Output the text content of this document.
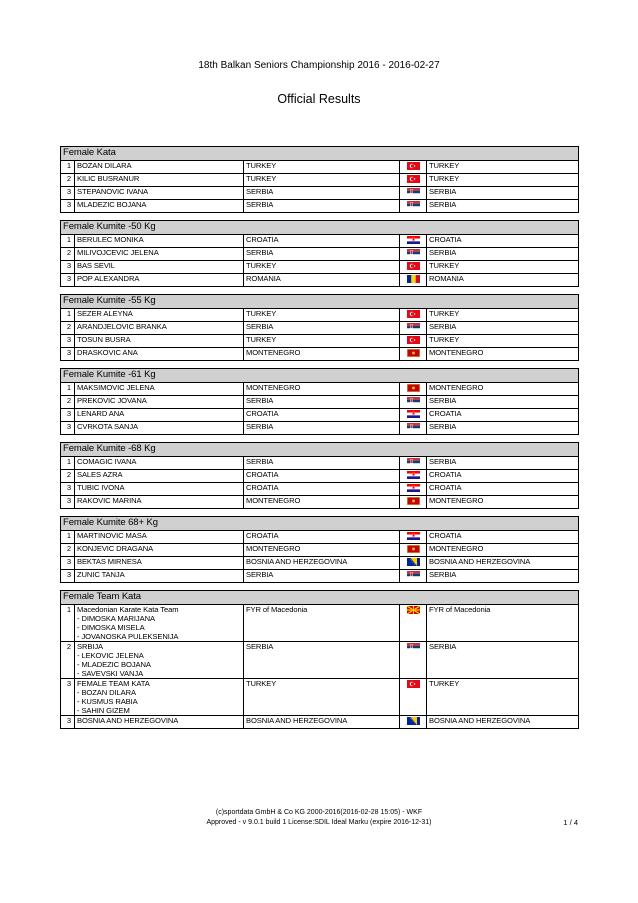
18th Balkan Seniors Championship 2016 - 2016-02-27
Official Results
Female Kata				
1	BOZAN DILARA	TURKEY		TURKEY
2	KILIC BUSRANUR	TURKEY		TURKEY
3	STEPANOVIC IVANA	SERBIA		SERBIA
3	MLADEZIC BOJANA	SERBIA		SERBIA

Female Kumite -50 Kg				
1	BERULEC MONIKA	CROATIA		CROATIA
2	MILIVOJCEVIC JELENA	SERBIA		SERBIA
3	BAS SEVIL	TURKEY		TURKEY
3	POP ALEXANDRA	ROMANIA		ROMANIA

Female Kumite -55 Kg				
1	SEZER ALEYNA	TURKEY		TURKEY
2	ARANDJELOVIC BRANKA	SERBIA		SERBIA
3	TOSUN BUSRA	TURKEY		TURKEY
3	DRASKOVIC ANA	MONTENEGRO		MONTENEGRO

Female Kumite -61 Kg				
1	MAKSIMOVIC JELENA	MONTENEGRO		MONTENEGRO
2	PREKOVIC JOVANA	SERBIA		SERBIA
3	LENARD ANA	CROATIA		CROATIA
3	CVRKOTA SANJA	SERBIA		SERBIA

Female Kumite -68 Kg				
1	COMAGIC IVANA	SERBIA		SERBIA
2	SALES AZRA	CROATIA		CROATIA
3	TUBIC IVONA	CROATIA		CROATIA
3	RAKOVIC MARINA	MONTENEGRO		MONTENEGRO

Female Kumite 68+ Kg				
1	MARTINOVIC MASA	CROATIA		CROATIA
2	KONJEVIC DRAGANA	MONTENEGRO		MONTENEGRO
3	BEKTAS MIRNESA	BOSNIA AND HERZEGOVINA		BOSNIA AND HERZEGOVINA
3	ZUNIC TANJA	SERBIA		SERBIA

Female Team Kata				
1	Macedonian Karate Kata Team
- DIMOSKA MARIJANA
- DIMOSKA MISELA
- JOVANOSKA PULEKSENIJA	FYR of Macedonia		FYR of Macedonia
2	SRBIJA
- LEKOVIC JELENA
- MLADEZIC BOJANA
- SAVEVSKI VANJA	SERBIA		SERBIA
3	FEMALE TEAM KATA
- BOZAN DILARA
- KUSMUS RABIA
- SAHIN GIZEM	TURKEY		TURKEY
3	BOSNIA AND HERZEGOVINA	BOSNIA AND HERZEGOVINA		BOSNIA AND HERZEGOVINA
(c)sportdata GmbH & Co KG 2000-2016(2016-02-28 15:05) - WKF
Approved - v 9.0.1 build 1 License:SDIL Ideal Marku (expire 2016-12-31)	1 / 4
